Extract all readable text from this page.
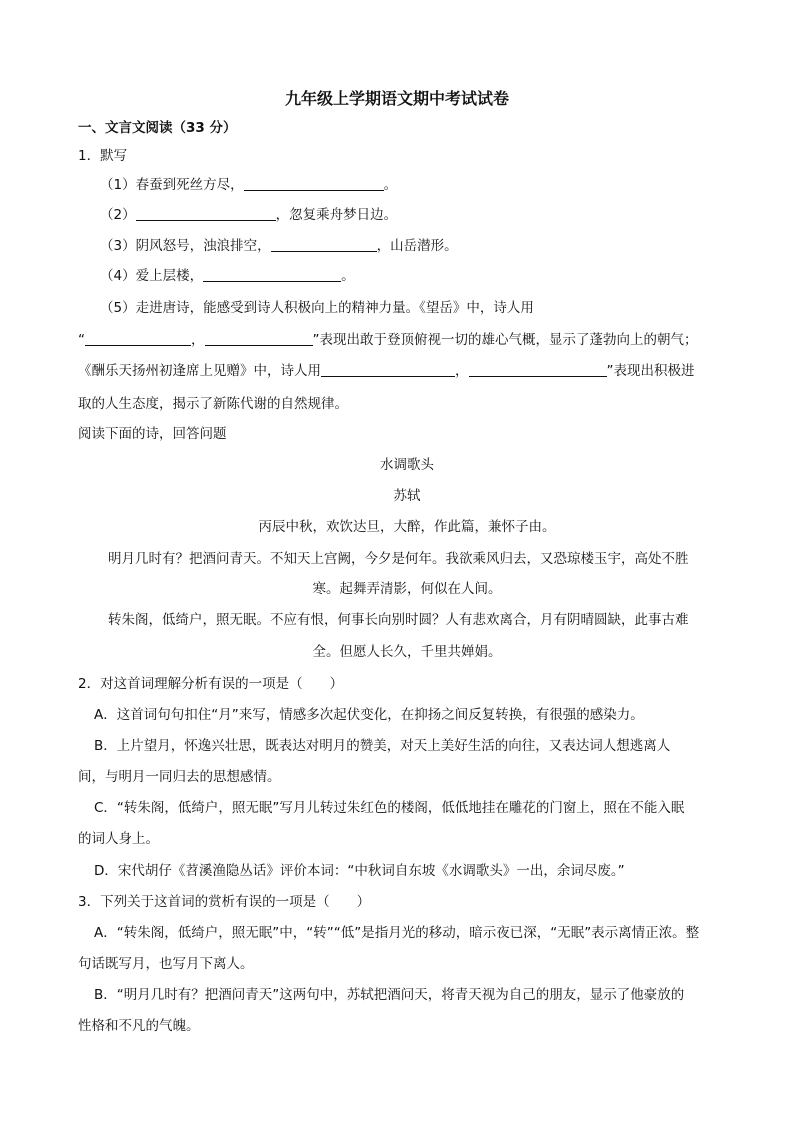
九年级上学期语文期中考试试卷
一、文言文阅读（33 分）
1．默写
（1）春蚕到死丝方尽，	。
（2）	，忽复乘舟梦日边。
（3）阴风怒号，浊浪排空，	，山岳潜形。
（4）爱上层楼，	。
（5）走进唐诗，能感受到诗人积极向上的精神力量。《望岳》中，诗人用
“	，	”表现出敢于登顶俯视一切的雄心气概，显示了蓬勃向上的朝气；
《酬乐天扬州初逢席上见赠》中，诗人用	，	”表现出积极进
取的人生态度，揭示了新陈代谢的自然规律。
阅读下面的诗，回答问题
水调歌头
苏轼
丙辰中秋，欢饮达旦，大醉，作此篇，兼怀子由。
明月几时有？把酒问青天。不知天上宫阙，今夕是何年。我欲乘风归去，又恐琼楼玉宇，高处不胜
寒。起舞弄清影，何似在人间。
转朱阁，低绮户，照无眠。不应有恨，何事长向别时圆？人有悲欢离合，月有阴晴圆缺，此事古难
全。但愿人长久，千里共婵娟。
2．对这首词理解分析有误的一项是（　　）
A．这首词句句扣住“月”来写，情感多次起伏变化，在抑扬之间反复转换，有很强的感染力。
B．上片望月，怀逸兴壮思，既表达对明月的赞美，对天上美好生活的向往，又表达词人想逃离人
间，与明月一同归去的思想感情。
C．“转朱阁，低绮户，照无眠”写月儿转过朱红色的楼阁，低低地挂在雕花的门窗上，照在不能入眠
的词人身上。
D．宋代胡仔《苕溪渔隐丛话》评价本词：“中秋词自东坡《水调歌头》一出，余词尽废。”
3．下列关于这首词的赏析有误的一项是（　　）
A．“转朱阁，低绮户，照无眠”中，“转”“低”是指月光的移动，暗示夜已深，“无眠”表示离情正浓。整
句话既写月，也写月下离人。
B．“明月几时有？把酒问青天”这两句中，苏轼把酒问天，将青天视为自己的朋友，显示了他豪放的
性格和不凡的气魄。
